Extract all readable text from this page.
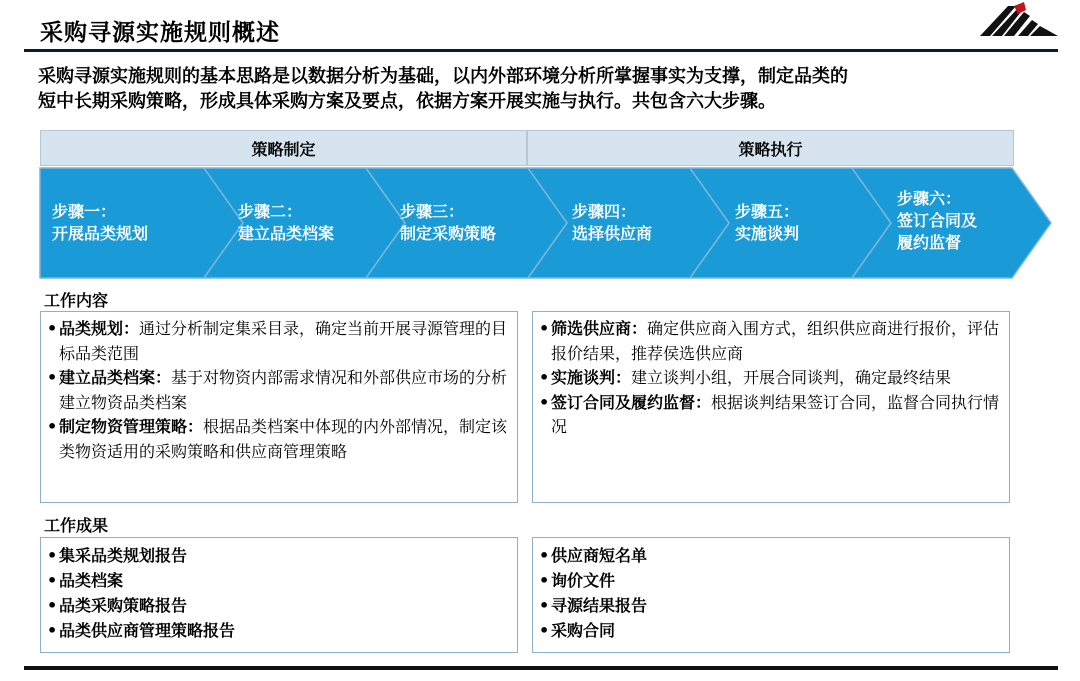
采购寻源实施规则概述

采购寻源实施规则的基本思路是以数据分析为基础，以内外部环境分析所掌握事实为支撑，制定品类的

短中长期采购策略，形成具体采购方案及要点，依据方案开展实施与执行。共包含六大步骤。

策略制定	策略执行
步骤一：
开展品类规划
步骤二：
建立品类档案
步骤三：
制定采购策略
步骤四：
选择供应商
步骤五：
实施谈判
步骤六：
签订合同及
履约监督
工作内容
• 品类规划：通过分析制定集采目录，确定当前开展寻源管理的目标品类范围
• 建立品类档案：基于对物资内部需求情况和外部供应市场的分析建立物资品类档案
• 制定物资管理策略：根据品类档案中体现的内外部情况，制定该类物资适用的采购策略和供应商管理策略
• 筛选供应商：确定供应商入围方式，组织供应商进行报价，评估报价结果，推荐侯选供应商
• 实施谈判：建立谈判小组，开展合同谈判，确定最终结果
• 签订合同及履约监督：根据谈判结果签订合同，监督合同执行情况
工作成果
• 集采品类规划报告
• 品类档案
• 品类采购策略报告
• 品类供应商管理策略报告
• 供应商短名单
• 询价文件
• 寻源结果报告
• 采购合同
